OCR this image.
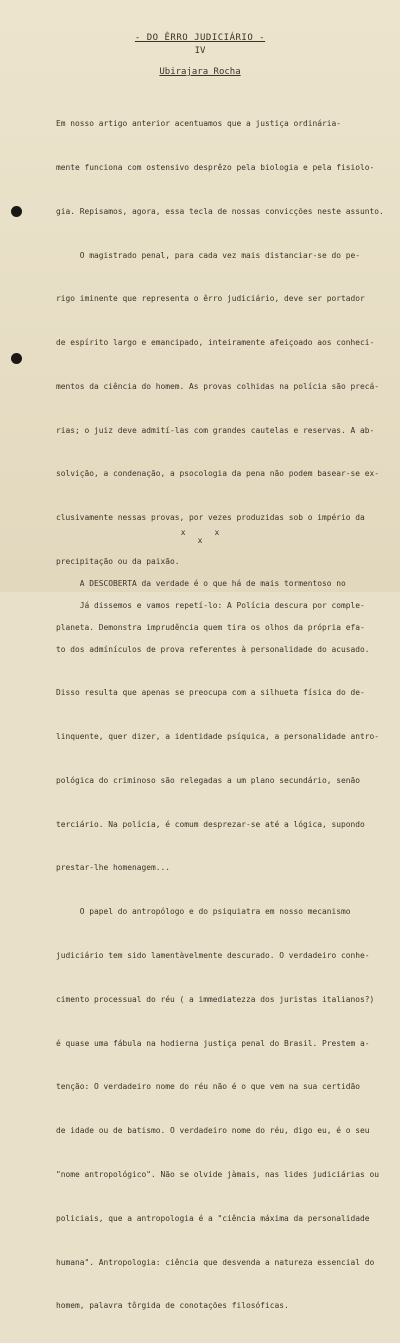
- DO ÊRRO JUDICIÁRIO -
IV
Ubirajara Rocha

Em nosso artigo anterior acentuamos que a justiça ordinária-

mente funciona com ostensivo desprêzo pela biologia e pela fisiolo-

gia. Repisamos, agora, essa tecla de nossas convicções neste assunto.

O magistrado penal, para cada vez mais distanciar-se do pe-

rigo iminente que representa o êrro judiciário, deve ser portador

de espírito largo e emancipado, inteiramente afeiçoado aos conheci-

mentos da ciência do homem. As provas colhidas na polícia são precá-

rias; o juiz deve admití-las com grandes cautelas e reservas. A ab-

solvição, a condenação, a psocologia da pena não podem basear-se ex-

clusivamente nessas provas, por vezes produzidas sob o império da

precipitação ou da paixão.

Já dissemos e vamos repetí-lo: A Polícia descura por comple-

to dos admínículos de prova referentes à personalidade do acusado.

Disso resulta que apenas se preocupa com a silhueta física do de-

linquente, quer dizer, a identidade psíquica, a personalidade antro-

pológica do criminoso são relegadas a um plano secundário, senão

terciário. Na polícia, é comum desprezar-se até a lógica, supondo

prestar-lhe homenagem...

O papel do antropólogo e do psiquiatra em nosso mecanismo

judiciário tem sido lamentàvelmente descurado. O verdadeiro conhe-

cimento processual do réu ( a immediatezza dos juristas italianos?)

é quase uma fábula na hodierna justiça penal do Brasil. Prestem a-

tenção: O verdadeiro nome do réu não é o que vem na sua certidão

de idade ou de batismo. O verdadeiro nome do réu, digo eu, é o seu

"nome antropológico". Não se olvide jàmais, nas lides judiciárias ou

policiais, que a antropologia é a "ciência máxima da personalidade

humana". Antropologia: ciência que desvenda a natureza essencial do

homem, palavra tôrgida de conotações filosóficas.

x	x
x

A DESCOBERTA da verdade é o que há de mais tormentoso no

planeta. Demonstra imprudência quem tira os olhos da própria efa-
